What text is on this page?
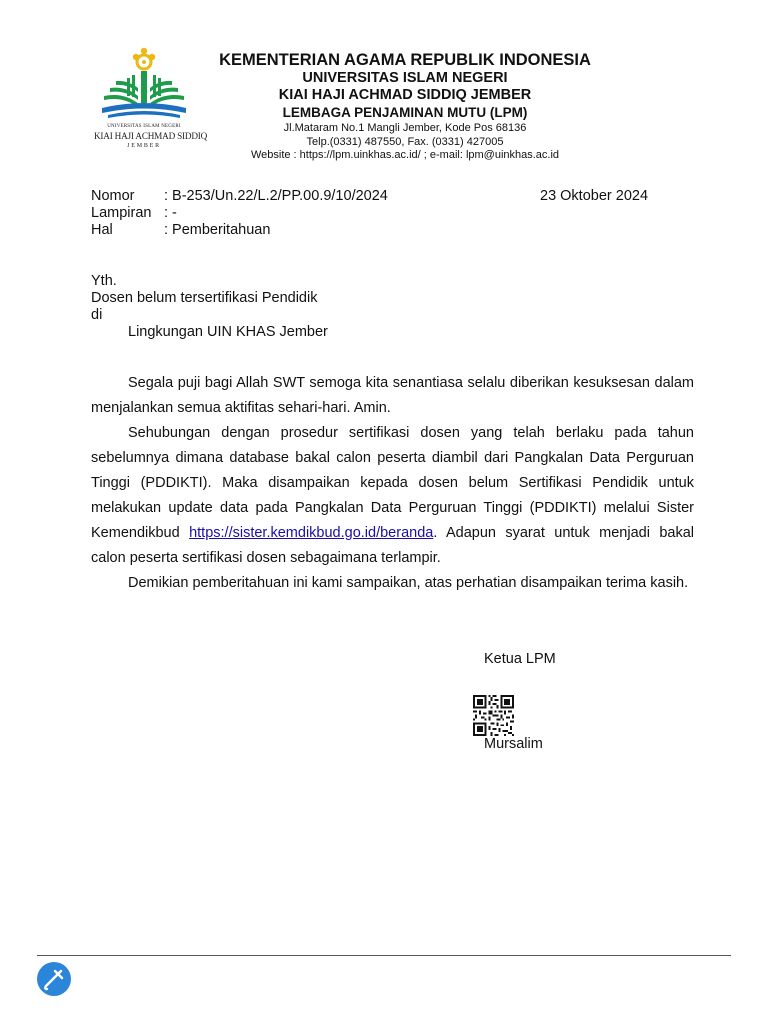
UNIVERSITAS ISLAM NEGERI
KIAI HAJI ACHMAD SIDDIQ
JEMBER
KEMENTERIAN AGAMA REPUBLIK INDONESIA
UNIVERSITAS ISLAM NEGERI
KIAI HAJI ACHMAD SIDDIQ JEMBER
LEMBAGA PENJAMINAN MUTU (LPM)
Jl.Mataram No.1 Mangli Jember, Kode Pos 68136
Telp.(0331) 487550, Fax. (0331) 427005
Website : https://lpm.uinkhas.ac.id/ ; e-mail: lpm@uinkhas.ac.id
Nomor : B-253/Un.22/L.2/PP.00.9/10/2024
Lampiran : -
Hal	: Pemberitahuan
23 Oktober 2024
Yth.
Dosen belum tersertifikasi Pendidik
di
Lingkungan UIN KHAS Jember

Segala puji bagi Allah SWT semoga kita senantiasa selalu diberikan kesuksesan dalam menjalankan semua aktifitas sehari-hari. Amin.

Sehubungan dengan prosedur sertifikasi dosen yang telah berlaku pada tahun sebelumnya dimana database bakal calon peserta diambil dari Pangkalan Data Perguruan Tinggi (PDDIKTI). Maka disampaikan kepada dosen belum Sertifikasi Pendidik untuk melakukan update data pada Pangkalan Data Perguruan Tinggi (PDDIKTI) melalui Sister Kemendikbud https://sister.kemdikbud.go.id/beranda. Adapun syarat untuk menjadi bakal calon peserta sertifikasi dosen sebagaimana terlampir.

Demikian pemberitahuan ini kami sampaikan, atas perhatian disampaikan terima kasih.

Ketua LPM
Mursalim
